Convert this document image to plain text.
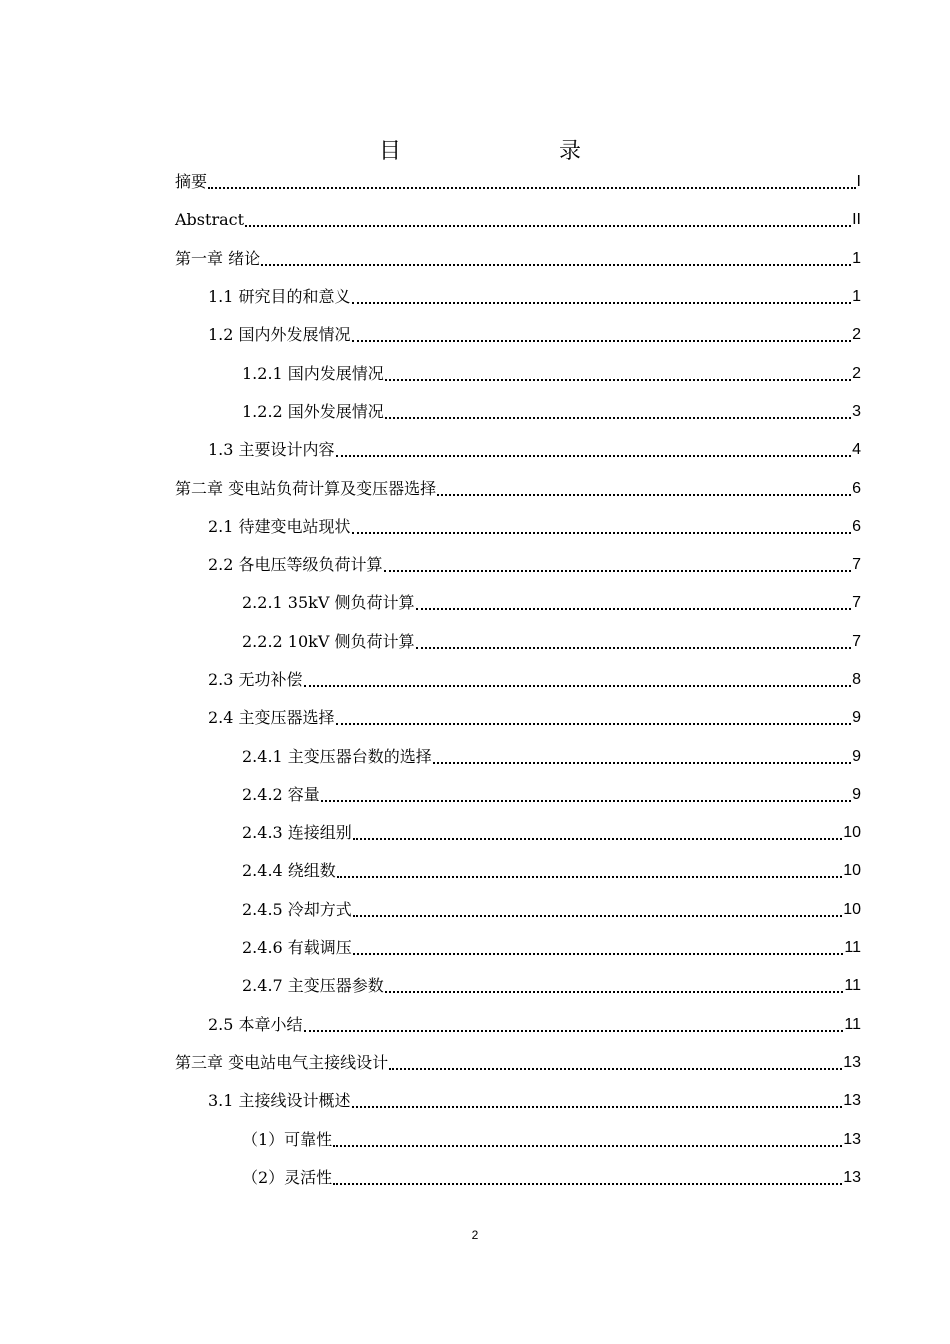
目　　录
摘要	I
Abstract	II
第一章 绪论	1
1.1 研究目的和意义	1
1.2 国内外发展情况	2
1.2.1 国内发展情况	2
1.2.2 国外发展情况	3
1.3 主要设计内容	4
第二章 变电站负荷计算及变压器选择	6
2.1 待建变电站现状	6
2.2 各电压等级负荷计算	7
2.2.1 35kV 侧负荷计算	7
2.2.2 10kV 侧负荷计算	7
2.3 无功补偿	8
2.4 主变压器选择	9
2.4.1 主变压器台数的选择	9
2.4.2 容量	9
2.4.3 连接组别	10
2.4.4 绕组数	10
2.4.5 冷却方式	10
2.4.6 有载调压	11
2.4.7 主变压器参数	11
2.5 本章小结	11
第三章 变电站电气主接线设计	13
3.1 主接线设计概述	13
（1）可靠性	13
（2）灵活性	13
2
